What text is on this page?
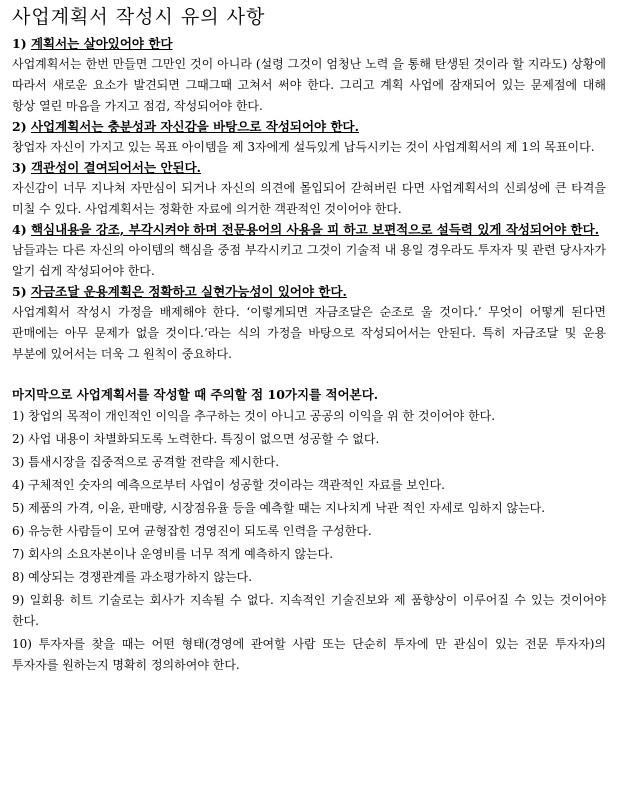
사업계획서 작성시 유의 사항

1) 계획서는 살아있어야 한다

사업계획서는 한번 만들면 그만인 것이 아니라 (설령 그것이 엄청난 노력 을 통해 탄생된 것이라 할 지라도) 상황에 따라서 새로운 요소가 발견되면 그때그때 고쳐서 써야 한다. 그리고 계획 사업에 잠재되어 있는 문제점에 대해 항상 열린 마음을 가지고 점검, 작성되어야 한다.

2) 사업계획서는 충분성과 자신감을 바탕으로 작성되어야 한다.

창업자 자신이 가지고 있는 목표 아이템을 제 3자에게 설득있게 납득시키는 것이 사업계획서의 제 1의 목표이다.

3) 객관성이 결여되어서는 안된다.

자신감이 너무 지나쳐 자만심이 되거나 자신의 의견에 몰입되어 갇혀버린 다면 사업계획서의 신뢰성에 큰 타격을 미칠 수 있다. 사업계획서는 정확한 자료에 의거한 객관적인 것이어야 한다.

4) 핵심내용을 강조, 부각시켜야 하며 전문용어의 사용을 피 하고 보편적으로 설득력 있게 작성되어야 한다.

남들과는 다른 자신의 아이템의 핵심을 중점 부각시키고 그것이 기술적 내 용일 경우라도 투자자 및 관련 당사자가 알기 쉽게 작성되어야 한다.

5) 자금조달 운용계획은 정확하고 실현가능성이 있어야 한다.

사업계획서 작성시 가정을 배제해야 한다. ‘이렇게되면 자금조달은 순조로 울 것이다.’ 무엇이 어떻게 된다면 판매에는 아무 문제가 없을 것이다.’라는 식의 가정을 바탕으로 작성되어서는 안된다. 특히 자금조달 및 운용 부분에 있어서는 더욱 그 원칙이 중요하다.

마지막으로 사업계획서를 작성할 때 주의할 점 10가지를 적어본다.

1) 창업의 목적이 개인적인 이익을 추구하는 것이 아니고 공공의 이익을 위 한 것이어야 한다.

2) 사업 내용이 차별화되도록 노력한다. 특징이 없으면 성공할 수 없다.

3) 틈새시장을 집중적으로 공격할 전략을 제시한다.

4) 구체적인 숫자의 예측으로부터 사업이 성공할 것이라는 객관적인 자료를 보인다.

5) 제품의 가격, 이윤, 판매량, 시장점유율 등을 예측할 때는 지나치게 낙관 적인 자세로 임하지 않는다.

6) 유능한 사람들이 모여 균형잡힌 경영진이 되도록 인력을 구성한다.

7) 회사의 소요자본이나 운영비를 너무 적게 예측하지 않는다.

8) 예상되는 경쟁관계를 과소평가하지 않는다.

9) 일회용 히트 기술로는 회사가 지속될 수 없다. 지속적인 기술진보와 제 품향상이 이루어질 수 있는 것이어야 한다.

10) 투자자를 찾을 때는 어떤 형태(경영에 관여할 사람 또는 단순히 투자에 만 관심이 있는 전문 투자자)의 투자자를 원하는지 명확히 정의하여야 한다.
